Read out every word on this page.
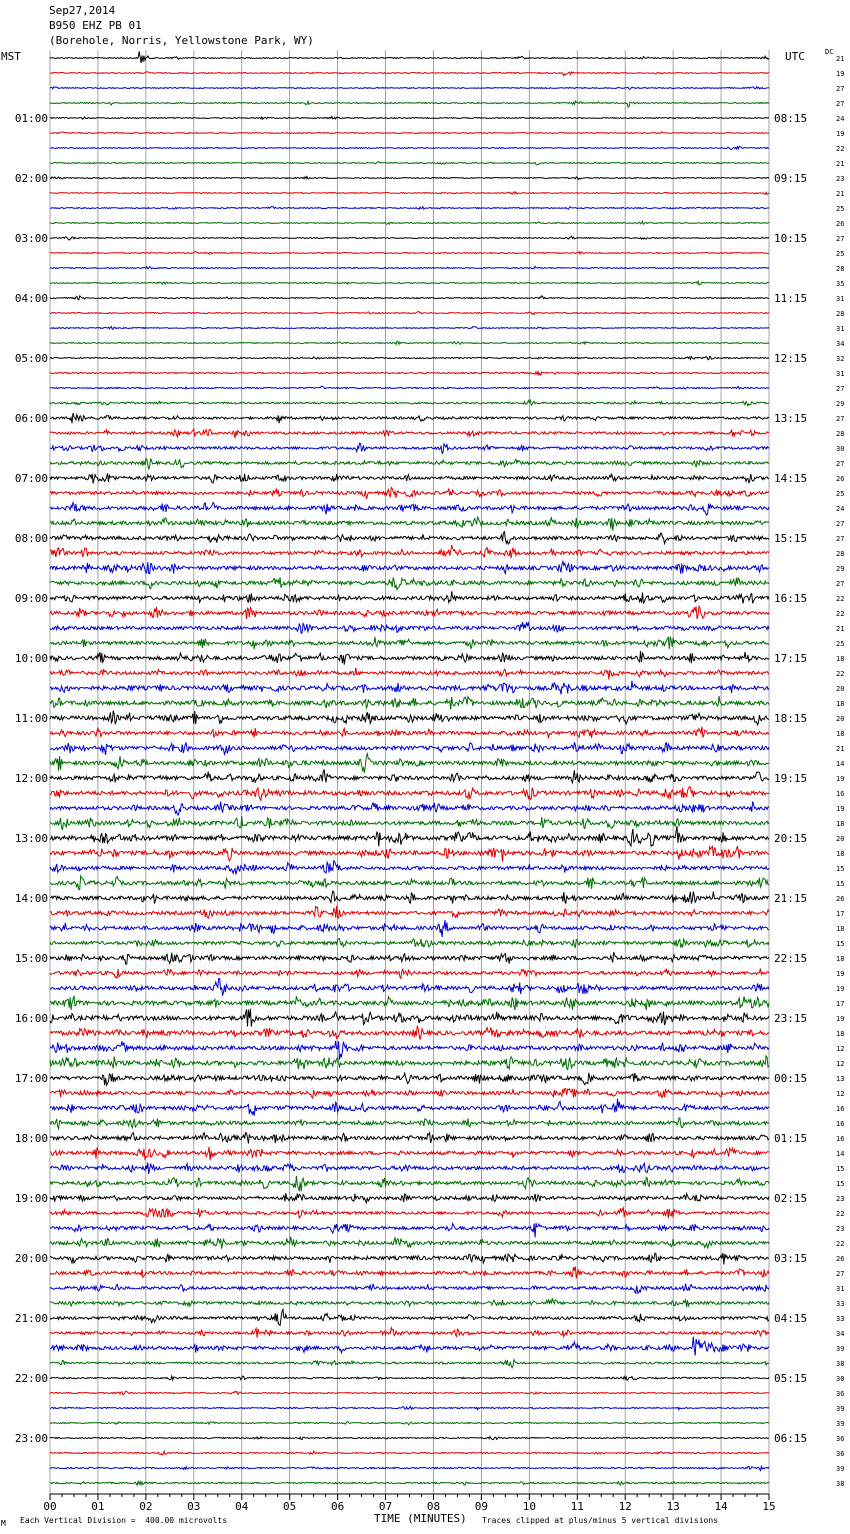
Sep27,2014
B950 EHZ PB 01
(Borehole, Norris, Yellowstone Park, WY)
MST	UTC	DC
00	01	02	03	04	05	06	07	08	09	10	11	12	13	14	15
01:00
02:00
03:00
04:00
05:00
06:00
07:00
08:00
09:00
10:00
11:00
12:00
13:00
14:00
15:00
16:00
17:00
18:00
19:00
20:00
21:00
22:00
23:00
08:15
09:15
10:15
11:15
12:15
13:15
14:15
15:15
16:15
17:15
18:15
19:15
20:15
21:15
22:15
23:15
00:15
01:15
02:15
03:15
04:15
05:15
06:15
21
19
27
27
24
19
22
21
23
21
25
26
27
25
28
35
31
28
31
34
32
31
27
29
27
28
30
27
26
25
24
27
27
28
29
27
22
22
21
25
18
22
20
18
20
18
21
14
19
16
19
18
20
18
15
15
26
17
18
15
18
19
19
17
19
18
12
12
13
12
16
16
16
14
15
15
23
22
23
22
26
27
31
33
33
34
39
38
30
36
39
39
36
36
39
38
M Each Vertical Division =  400.00 microvolts	TIME (MINUTES) Traces clipped at plus/minus 5 vertical divisions
